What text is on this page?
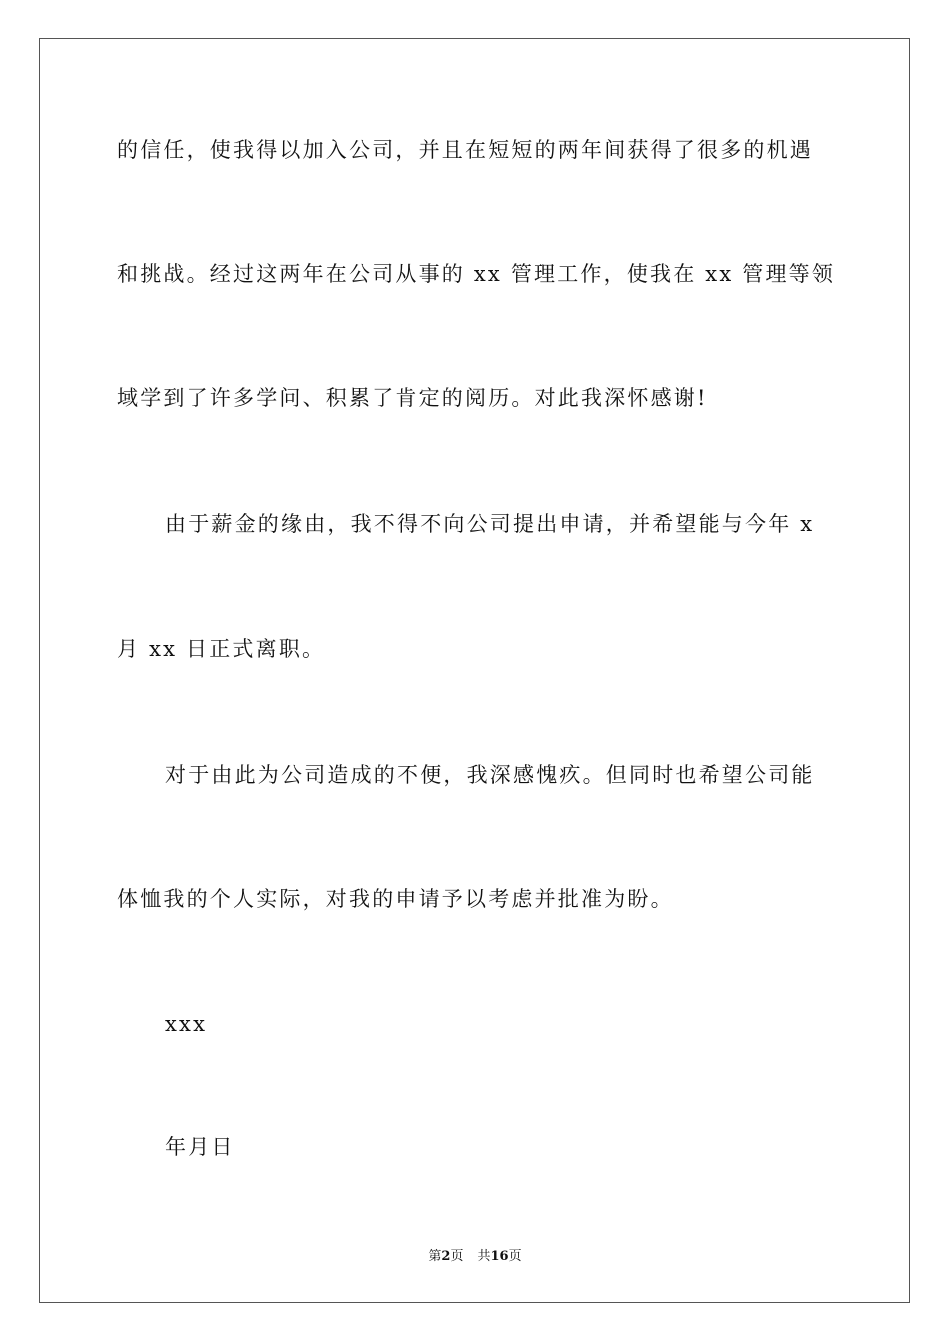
的信任，使我得以加入公司，并且在短短的两年间获得了很多的机遇
和挑战。经过这两年在公司从事的 xx 管理工作，使我在 xx 管理等领
域学到了许多学问、积累了肯定的阅历。对此我深怀感谢!
由于薪金的缘由，我不得不向公司提出申请，并希望能与今年 x
月 xx 日正式离职。
对于由此为公司造成的不便，我深感愧疚。但同时也希望公司能
体恤我的个人实际，对我的申请予以考虑并批准为盼。
xxx
年月日
第2页 共16页
